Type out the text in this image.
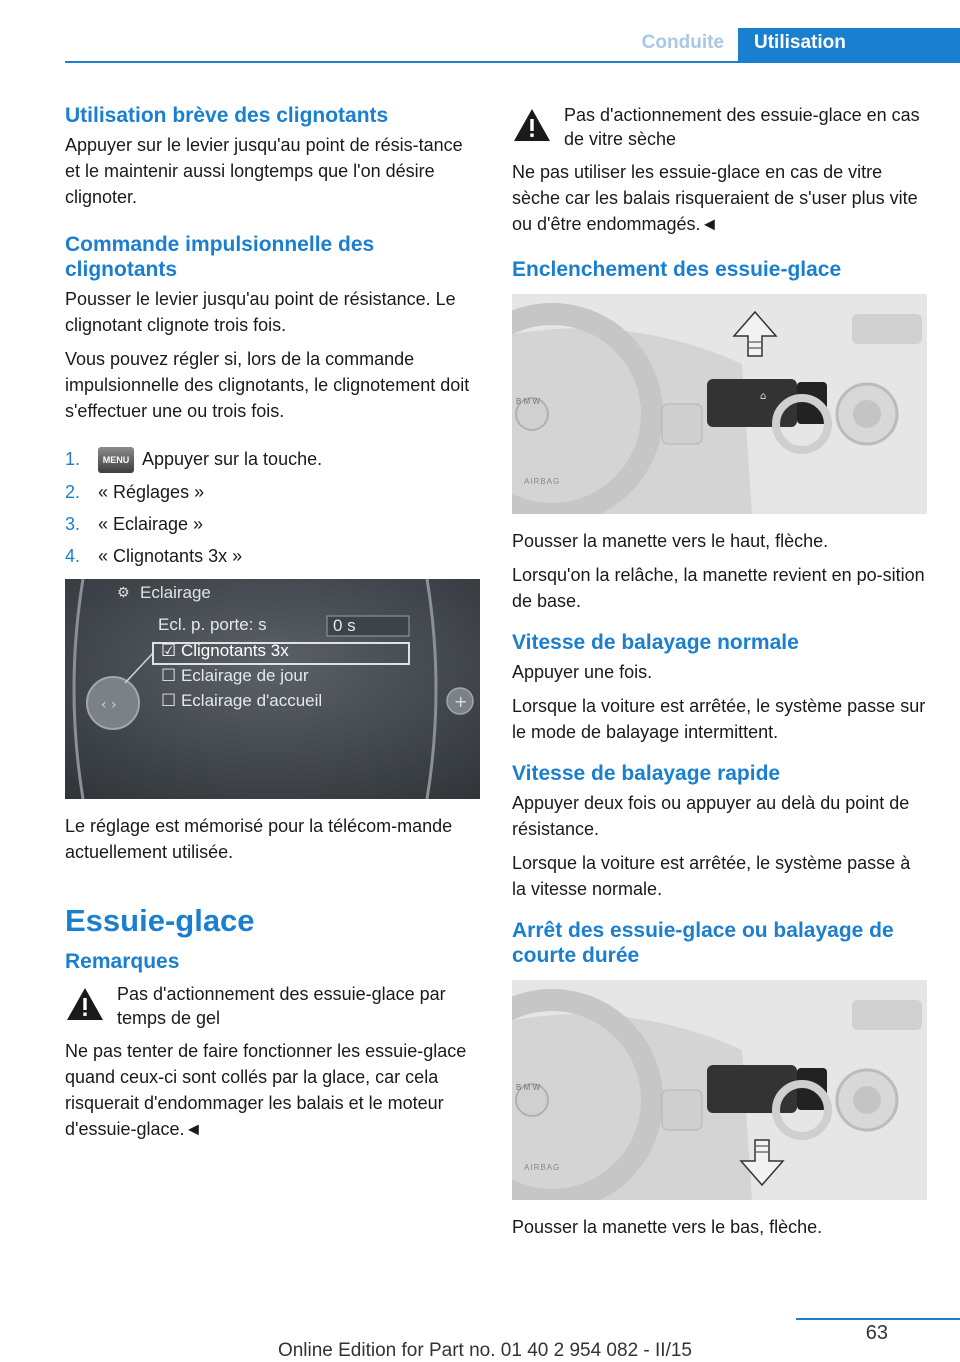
Conduite	Utilisation
Utilisation brève des clignotants
Appuyer sur le levier jusqu'au point de résis-tance et le maintenir aussi longtemps que l'on désire clignoter.
Commande impulsionnelle des clignotants
Pousser le levier jusqu'au point de résistance. Le clignotant clignote trois fois.
Vous pouvez régler si, lors de la commande impulsionnelle des clignotants, le clignotement doit s'effectuer une ou trois fois.
1.	MENU Appuyer sur la touche.
2. « Réglages »
3. « Eclairage »
4. « Clignotants 3x »
‹ ›	+
⚙ Eclairage
Ecl. p. porte: s	0 s
☑ Clignotants 3x
☐ Eclairage de jour
☐ Eclairage d'accueil
Le réglage est mémorisé pour la télécom-mande actuellement utilisée.
Essuie-glace
Remarques
Pas d'actionnement des essuie-glace par temps de gel
Ne pas tenter de faire fonctionner les essuie-glace quand ceux-ci sont collés par la glace, car cela risquerait d'endommager les balais et le moteur d'essuie-glace.◄
Pas d'actionnement des essuie-glace en cas de vitre sèche
Ne pas utiliser les essuie-glace en cas de vitre sèche car les balais risqueraient de s'user plus vite ou d'être endommagés.◄
Enclenchement des essuie-glace
⌂
B M W
AIRBAG
Pousser la manette vers le haut, flèche.
Lorsqu'on la relâche, la manette revient en po-sition de base.
Vitesse de balayage normale
Appuyer une fois.
Lorsque la voiture est arrêtée, le système passe sur le mode de balayage intermittent.
Vitesse de balayage rapide
Appuyer deux fois ou appuyer au delà du point de résistance.
Lorsque la voiture est arrêtée, le système passe à la vitesse normale.
Arrêt des essuie-glace ou balayage de courte durée
B M W
AIRBAG
Pousser la manette vers le bas, flèche.
63
Online Edition for Part no. 01 40 2 954 082 - II/15
